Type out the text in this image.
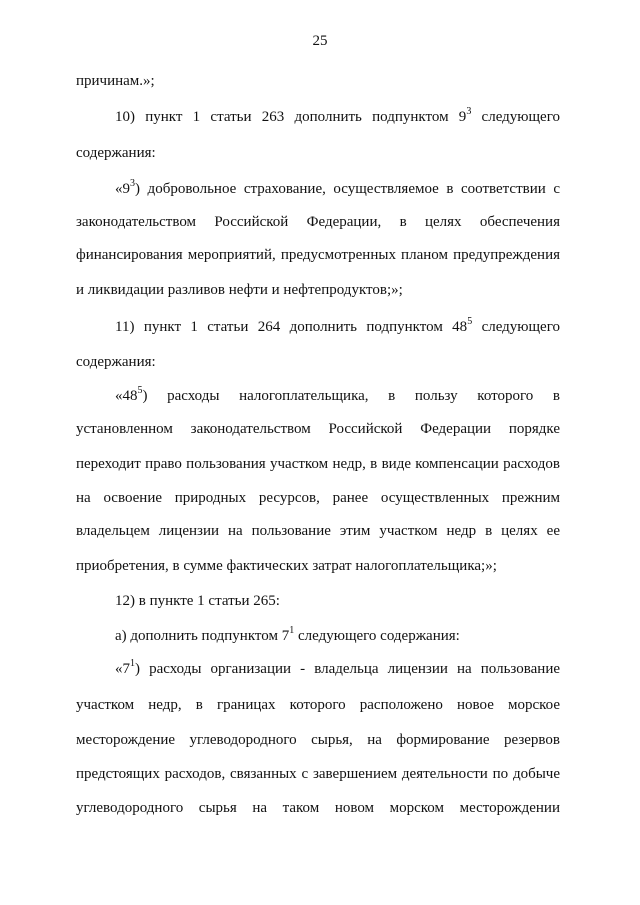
25
причинам.»;
10) пункт 1 статьи 263 дополнить подпунктом $9^3$ следующего
содержания:
«$9^3$) добровольное страхование, осуществляемое в соответствии с
законодательством Российской Федерации, в целях обеспечения
финансирования мероприятий, предусмотренных планом предупреждения
и ликвидации разливов нефти и нефтепродуктов;»;
11) пункт 1 статьи 264 дополнить подпунктом $48^5$ следующего
содержания:
«$48^5$) расходы налогоплательщика, в пользу которого в
установленном законодательством Российской Федерации порядке
переходит право пользования участком недр, в виде компенсации расходов
на освоение природных ресурсов, ранее осуществленных прежним
владельцем лицензии на пользование этим участком недр в целях ее
приобретения, в сумме фактических затрат налогоплательщика;»;
12) в пункте 1 статьи 265:
а) дополнить подпунктом $7^1$ следующего содержания:
«$7^1$) расходы организации - владельца лицензии на пользование
участком недр, в границах которого расположено новое морское
месторождение углеводородного сырья, на формирование резервов
предстоящих расходов, связанных с завершением деятельности по добыче
углеводородного сырья на таком новом морском месторождении
